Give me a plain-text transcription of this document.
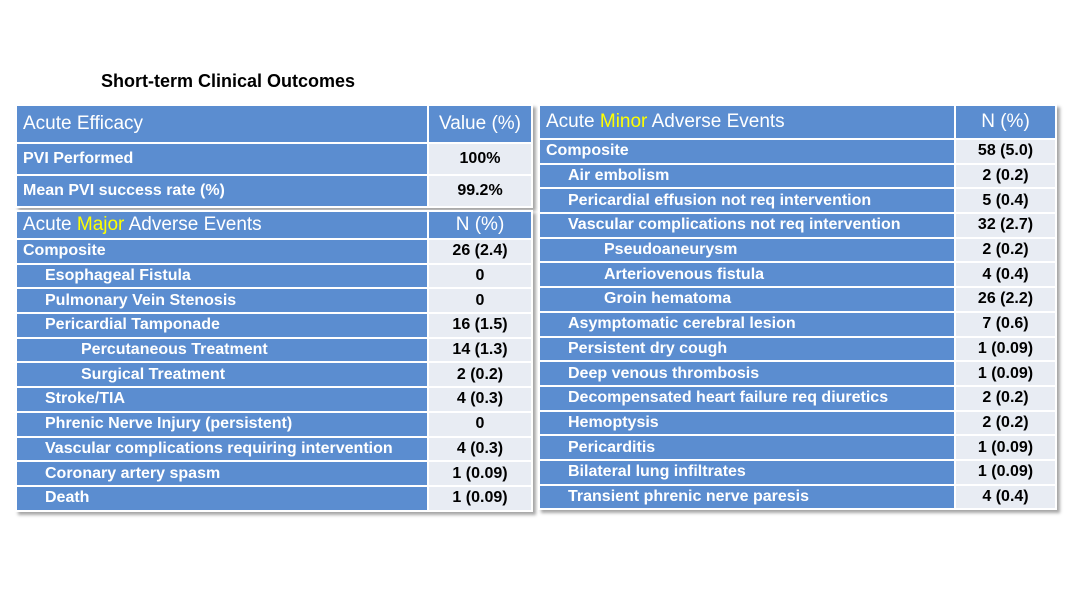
Short-term Clinical Outcomes
Acute Efficacy	Value (%)
PVI Performed	100%
Mean PVI success rate (%)	99.2%
Acute Major Adverse Events	N (%)
Composite	26 (2.4)
Esophageal Fistula	0
Pulmonary Vein Stenosis	0
Pericardial Tamponade	16 (1.5)
Percutaneous Treatment	14 (1.3)
Surgical Treatment	2 (0.2)
Stroke/TIA	4 (0.3)
Phrenic Nerve Injury (persistent)	0
Vascular complications requiring intervention	4 (0.3)
Coronary artery spasm	1 (0.09)
Death	1 (0.09)
Acute Minor Adverse Events	N (%)
Composite	58 (5.0)
Air embolism	2 (0.2)
Pericardial effusion not req intervention	5 (0.4)
Vascular complications not req intervention	32 (2.7)
Pseudoaneurysm	2 (0.2)
Arteriovenous fistula	4 (0.4)
Groin hematoma	26 (2.2)
Asymptomatic cerebral lesion	7 (0.6)
Persistent dry cough	1 (0.09)
Deep venous thrombosis	1 (0.09)
Decompensated heart failure req diuretics	2 (0.2)
Hemoptysis	2 (0.2)
Pericarditis	1 (0.09)
Bilateral lung infiltrates	1 (0.09)
Transient phrenic nerve paresis	4 (0.4)
